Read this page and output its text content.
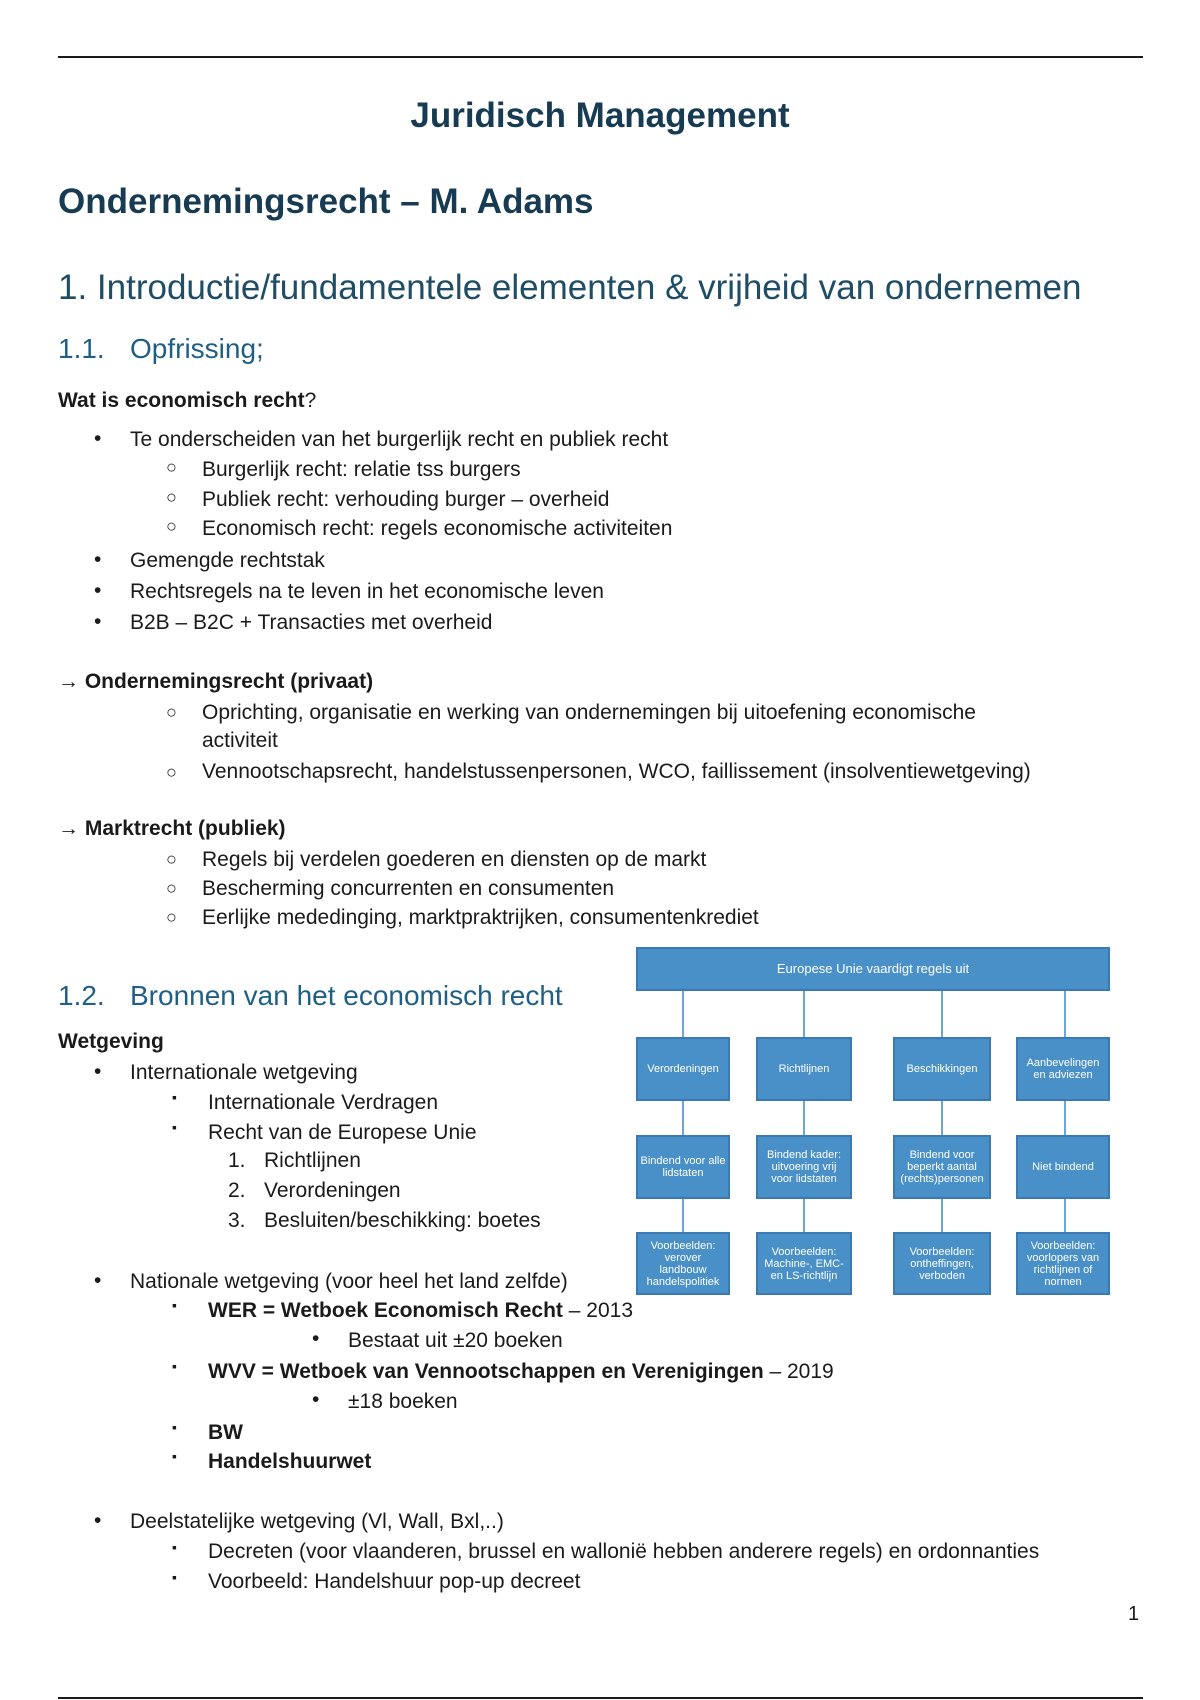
Juridisch Management
Ondernemingsrecht – M. Adams
1. Introductie/fundamentele elementen & vrijheid van ondernemen
1.1. Opfrissing;
Wat is economisch recht?
• Te onderscheiden van het burgerlijk recht en publiek recht
○ Burgerlijk recht: relatie tss burgers
○ Publiek recht: verhouding burger – overheid
○ Economisch recht: regels economische activiteiten
• Gemengde rechtstak
• Rechtsregels na te leven in het economische leven
• B2B – B2C + Transacties met overheid
→ Ondernemingsrecht (privaat)
○ Oprichting, organisatie en werking van ondernemingen bij uitoefening economische
activiteit
○ Vennootschapsrecht, handelstussenpersonen, WCO, faillissement (insolventiewetgeving)
→ Marktrecht (publiek)
○ Regels bij verdelen goederen en diensten op de markt
○ Bescherming concurrenten en consumenten
○ Eerlijke mededinging, marktpraktrijken, consumentenkrediet
1.2. Bronnen van het economisch recht
Wetgeving
• Internationale wetgeving
▪ Internationale Verdragen
▪ Recht van de Europese Unie
1. Richtlijnen
2. Verordeningen
3. Besluiten/beschikking: boetes
• Nationale wetgeving (voor heel het land zelfde)
▪ WER = Wetboek Economisch Recht – 2013
• Bestaat uit ±20 boeken
▪ WVV = Wetboek van Vennootschappen en Verenigingen – 2019
• ±18 boeken
▪ BW
▪ Handelshuurwet
• Deelstatelijke wetgeving (Vl, Wall, Bxl,..)
▪ Decreten (voor vlaanderen, brussel en wallonië hebben anderere regels) en ordonnanties
▪ Voorbeeld: Handelshuur pop-up decreet
1
Europese Unie vaardigt regels uit
Verordeningen	Richtlijnen	Beschikkingen	Aanbevelingen en adviezen
Bindend voor alle lidstaten
Bindend kader: uitvoering vrij voor lidstaten
Bindend voor beperkt aantal (rechts)personen
Niet bindend
Voorbeelden: verover landbouw handelspolitiek
Voorbeelden: Machine-, EMC- en LS-richtlijn
Voorbeelden: ontheffingen, verboden
Voorbeelden: voorlopers van richtlijnen of normen
